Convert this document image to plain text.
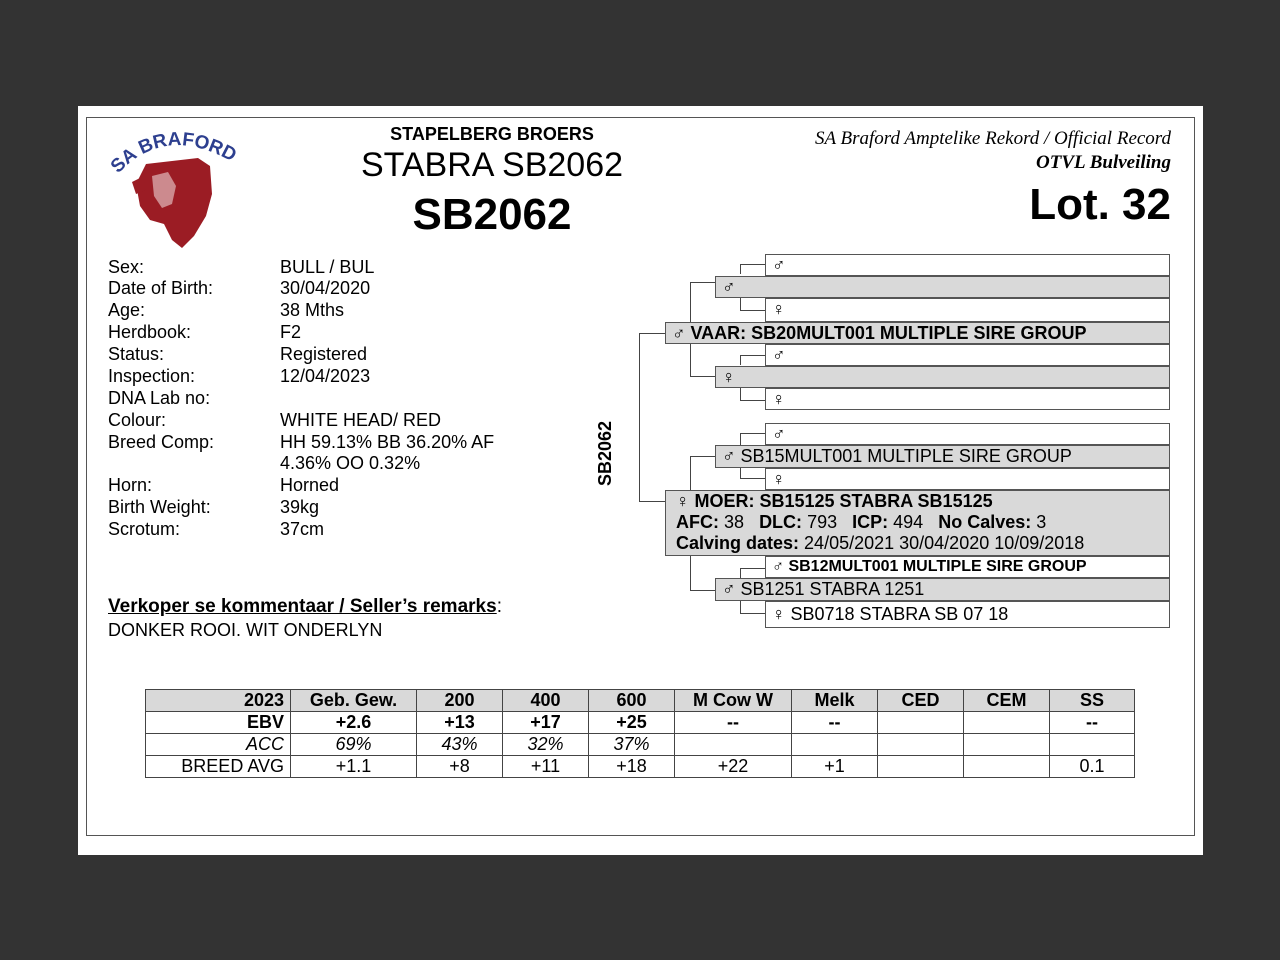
SA BRAFORD
STAPELBERG BROERS
STABRA SB2062
SB2062
SA Braford Amptelike Rekord / Official Record
OTVL Bulveiling
Lot. 32
Sex:	BULL / BUL
Date of Birth:	30/04/2020
Age:	38 Mths
Herdbook:	F2
Status:	Registered
Inspection:	12/04/2023
DNA Lab no:
Colour:	WHITE HEAD/ RED
Breed Comp:	HH 59.13% BB 36.20% AF
4.36% OO 0.32%
Horn:	Horned
Birth Weight:	39kg
Scrotum:	37cm
Verkoper se kommentaar / Seller’s remarks:
DONKER ROOI. WIT ONDERLYN
SB2062
♂
♂
♀
♂ VAAR: SB20MULT001 MULTIPLE SIRE GROUP
♂
♀
♀
♂
♂ SB15MULT001 MULTIPLE SIRE GROUP
♀
♀ MOER: SB15125 STABRA SB15125
AFC: 38 DLC: 793 ICP: 494 No Calves: 3
Calving dates: 24/05/2021 30/04/2020 10/09/2018
♂ SB12MULT001 MULTIPLE SIRE GROUP
♂ SB1251 STABRA 1251
♀ SB0718 STABRA SB 07 18
2023	Geb. Gew.	200	400	600	M Cow W	Melk	CED	CEM	SS
EBV	+2.6	+13	+17	+25	--	--			--
ACC	69%	43%	32%	37%					
BREED AVG	+1.1	+8	+11	+18	+22	+1			0.1
